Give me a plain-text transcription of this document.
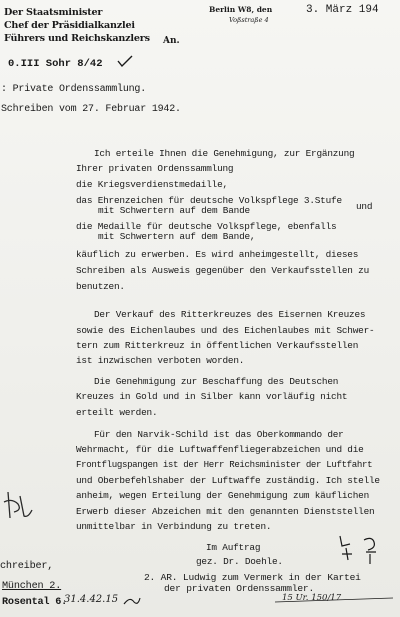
Der Staatsminister
Chef der Präsidialkanzlei
Führers und Reichskanzlers An.
Berlin W8, den
Voßstraße 4
3. März 194
0.III Sohr 8/42
: Private Ordenssammlung.
Schreiben vom 27. Februar 1942.
Ich erteile Ihnen die Genehmigung, zur Ergänzung
Ihrer privaten Ordenssammlung
die Kriegsverdienstmedaille,
das Ehrenzeichen für deutsche Volkspflege 3.Stufe
mit Schwertern auf dem Bande	und
die Medaille für deutsche Volkspflege, ebenfalls
mit Schwertern auf dem Bande,
käuflich zu erwerben. Es wird anheimgestellt, dieses
Schreiben als Ausweis gegenüber den Verkaufsstellen zu
benutzen.
Der Verkauf des Ritterkreuzes des Eisernen Kreuzes
sowie des Eichenlaubes und des Eichenlaubes mit Schwer-
tern zum Ritterkreuz in öffentlichen Verkaufsstellen
ist inzwischen verboten worden.
Die Genehmigung zur Beschaffung des Deutschen
Kreuzes in Gold und in Silber kann vorläufig nicht
erteilt werden.
Für den Narvik-Schild ist das Oberkommando der
Wehrmacht, für die Luftwaffenfliegerabzeichen und die
Frontflugspangen ist der Herr Reichsminister der Luftfahrt
und Oberbefehlshaber der Luftwaffe zuständig. Ich stelle
anheim, wegen Erteilung der Genehmigung zum käuflichen
Erwerb dieser Abzeichen mit den genannten Dienststellen
unmittelbar in Verbindung zu treten.
Im Auftrag
gez. Dr. Doehle.
chreiber,
München 2.
Rosental 6.
31.4.42.15
2. AR. Ludwig zum Vermerk in der Kartei
der privaten Ordenssammler.
15 Ur. 150/17
